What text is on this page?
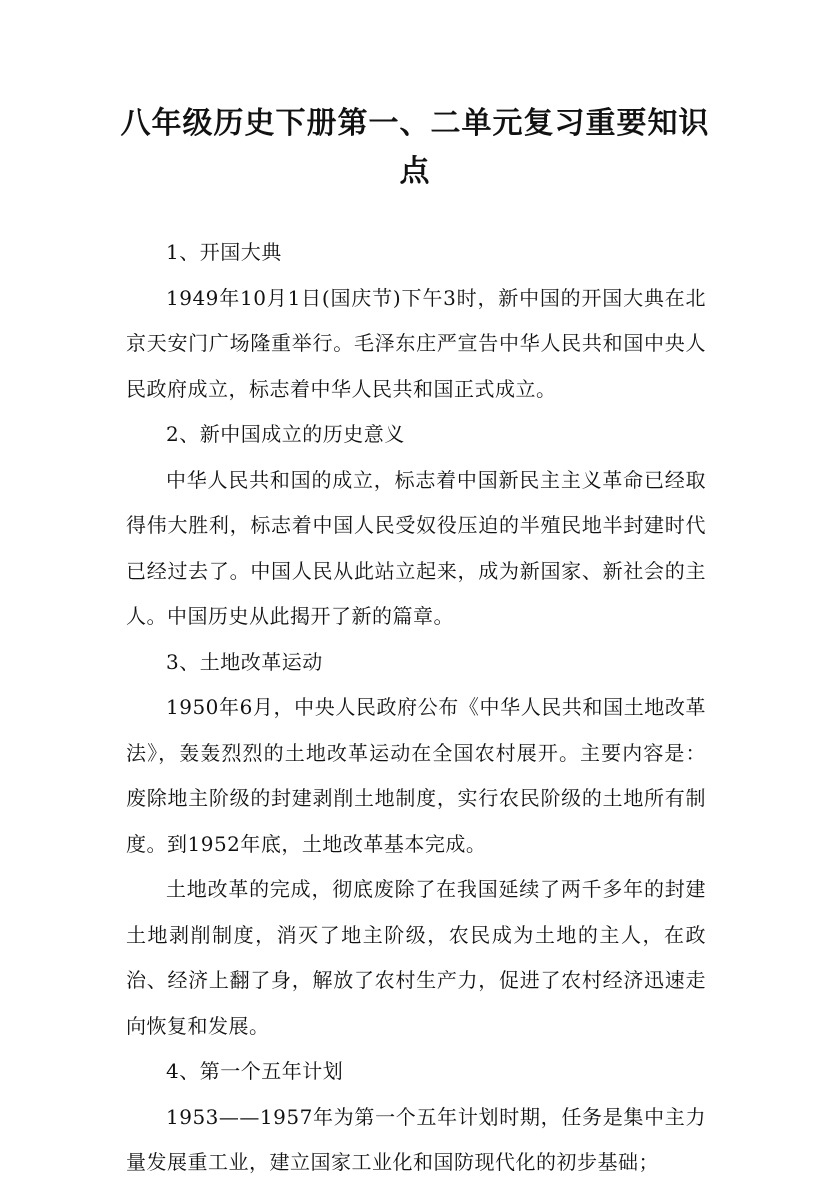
八年级历史下册第一、二单元复习重要知识点

1、开国大典

1949年10月1日(国庆节)下午3时，新中国的开国大典在北京天安门广场隆重举行。毛泽东庄严宣告中华人民共和国中央人民政府成立，标志着中华人民共和国正式成立。

2、新中国成立的历史意义

中华人民共和国的成立，标志着中国新民主主义革命已经取得伟大胜利，标志着中国人民受奴役压迫的半殖民地半封建时代已经过去了。中国人民从此站立起来，成为新国家、新社会的主人。中国历史从此揭开了新的篇章。

3、土地改革运动

1950年6月，中央人民政府公布《中华人民共和国土地改革法》，轰轰烈烈的土地改革运动在全国农村展开。主要内容是：废除地主阶级的封建剥削土地制度，实行农民阶级的土地所有制度。到1952年底，土地改革基本完成。

土地改革的完成，彻底废除了在我国延续了两千多年的封建土地剥削制度，消灭了地主阶级，农民成为土地的主人，在政治、经济上翻了身，解放了农村生产力，促进了农村经济迅速走向恢复和发展。

4、第一个五年计划

1953——1957年为第一个五年计划时期，任务是集中主力量发展重工业，建立国家工业化和国防现代化的初步基础；
